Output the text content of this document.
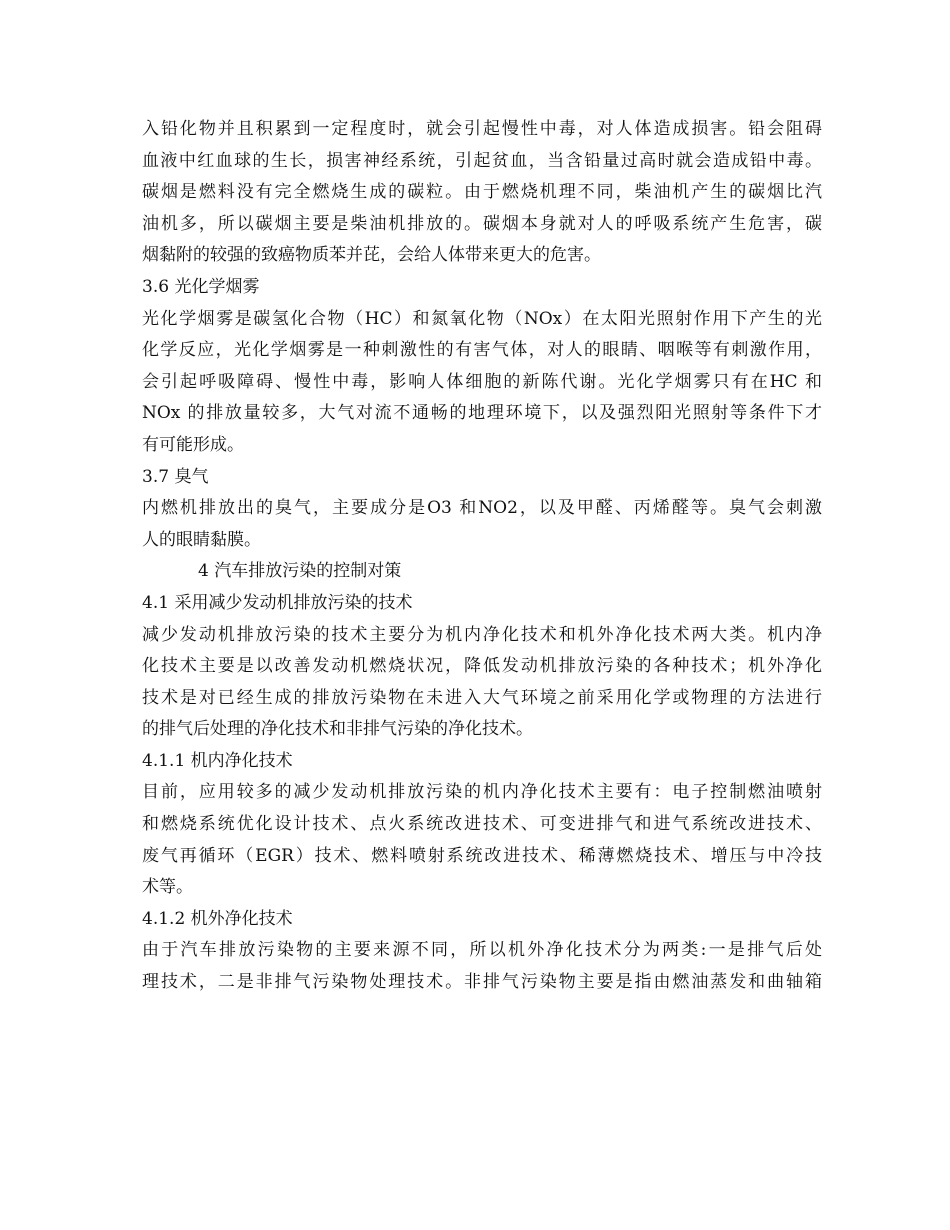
入铅化物并且积累到一定程度时，就会引起慢性中毒，对人体造成损害。铅会阻碍
血液中红血球的生长，损害神经系统，引起贫血，当含铅量过高时就会造成铅中毒。
碳烟是燃料没有完全燃烧生成的碳粒。由于燃烧机理不同，柴油机产生的碳烟比汽
油机多，所以碳烟主要是柴油机排放的。碳烟本身就对人的呼吸系统产生危害，碳
烟黏附的较强的致癌物质苯并芘，会给人体带来更大的危害。
3.6 光化学烟雾
光化学烟雾是碳氢化合物（HC）和氮氧化物（NOx）在太阳光照射作用下产生的光
化学反应，光化学烟雾是一种刺激性的有害气体，对人的眼睛、咽喉等有刺激作用，
会引起呼吸障碍、慢性中毒，影响人体细胞的新陈代谢。光化学烟雾只有在HC 和
NOx 的排放量较多，大气对流不通畅的地理环境下，以及强烈阳光照射等条件下才
有可能形成。
3.7 臭气
内燃机排放出的臭气，主要成分是O3 和NO2，以及甲醛、丙烯醛等。臭气会刺激
人的眼睛黏膜。
4 汽车排放污染的控制对策
4.1 采用减少发动机排放污染的技术
减少发动机排放污染的技术主要分为机内净化技术和机外净化技术两大类。机内净
化技术主要是以改善发动机燃烧状况，降低发动机排放污染的各种技术；机外净化
技术是对已经生成的排放污染物在未进入大气环境之前采用化学或物理的方法进行
的排气后处理的净化技术和非排气污染的净化技术。
4.1.1 机内净化技术
目前，应用较多的减少发动机排放污染的机内净化技术主要有：电子控制燃油喷射
和燃烧系统优化设计技术、点火系统改进技术、可变进排气和进气系统改进技术、
废气再循环（EGR）技术、燃料喷射系统改进技术、稀薄燃烧技术、增压与中冷技
术等。
4.1.2 机外净化技术
由于汽车排放污染物的主要来源不同，所以机外净化技术分为两类:一是排气后处
理技术，二是非排气污染物处理技术。非排气污染物主要是指由燃油蒸发和曲轴箱
